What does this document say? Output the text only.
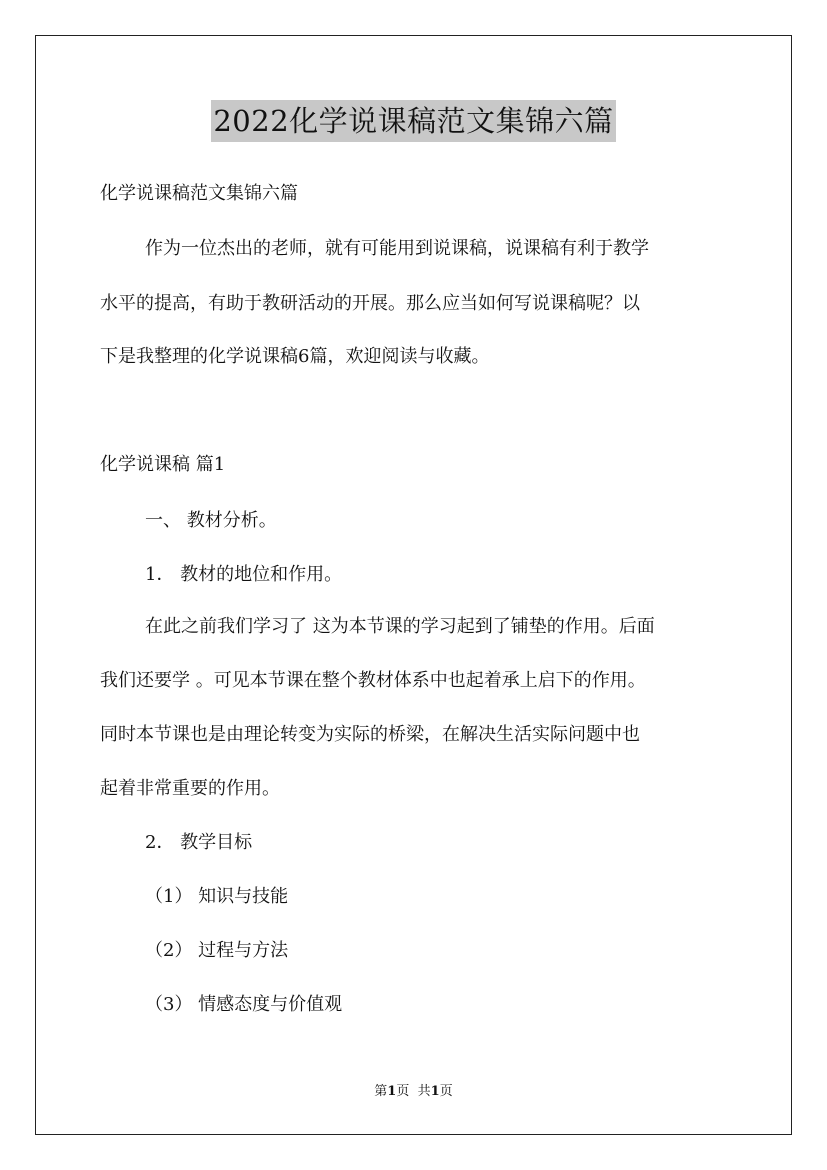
2022化学说课稿范文集锦六篇
化学说课稿范文集锦六篇
作为一位杰出的老师，就有可能用到说课稿，说课稿有利于教学
水平的提高，有助于教研活动的开展。那么应当如何写说课稿呢？以
下是我整理的化学说课稿6篇，欢迎阅读与收藏。
化学说课稿 篇1
一、 教材分析。
1． 教材的地位和作用。
在此之前我们学习了 这为本节课的学习起到了铺垫的作用。后面
我们还要学 。可见本节课在整个教材体系中也起着承上启下的作用。
同时本节课也是由理论转变为实际的桥梁，在解决生活实际问题中也
起着非常重要的作用。
2． 教学目标
（1） 知识与技能
（2） 过程与方法
（3） 情感态度与价值观
第1页 共1页
